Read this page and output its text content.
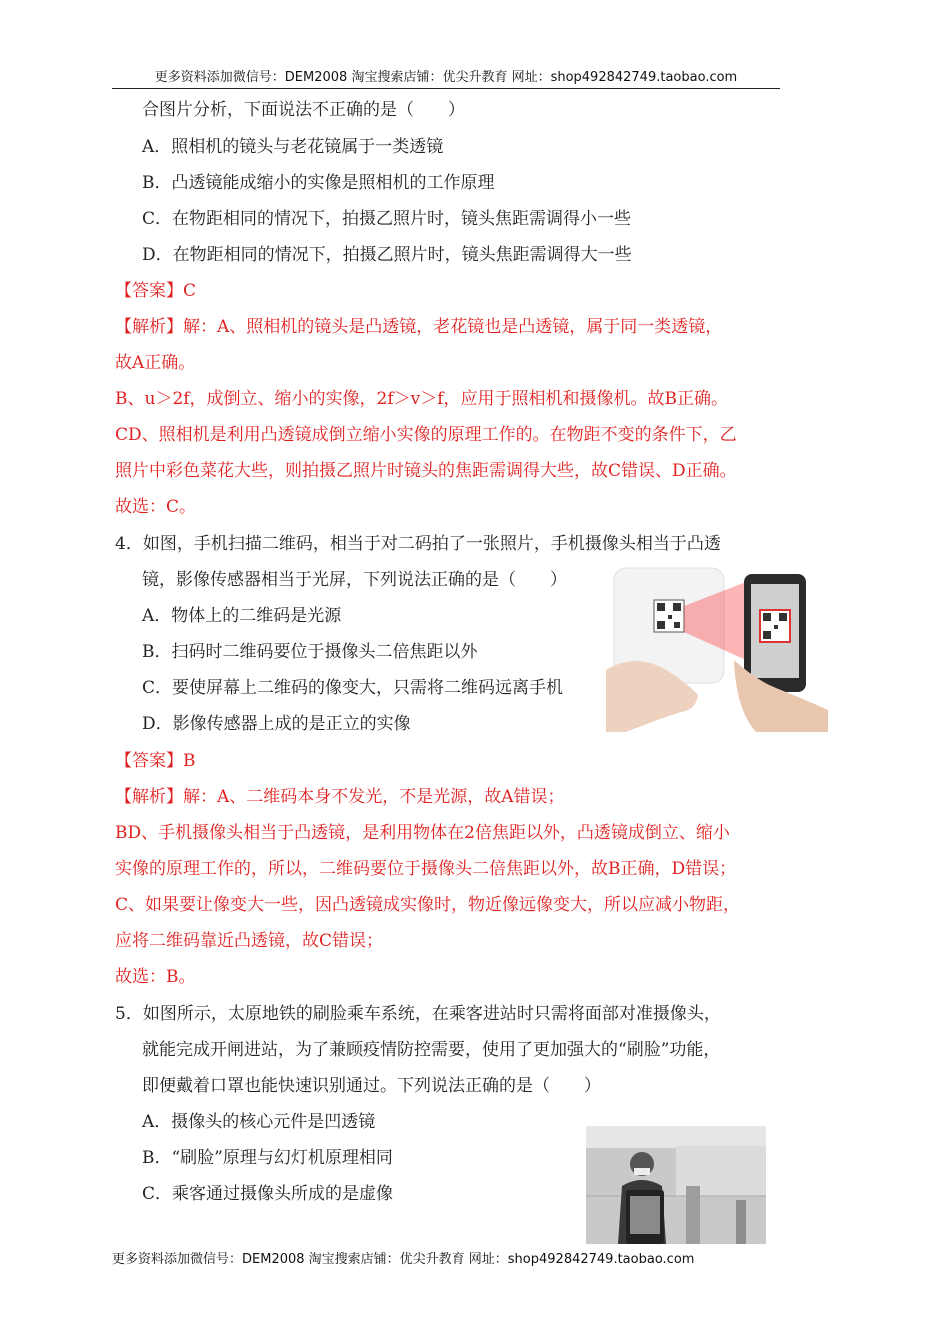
更多资料添加微信号：DEM2008 淘宝搜索店铺：优尖升教育 网址：shop492842749.taobao.com
合图片分析，下面说法不正确的是（　　）
A．照相机的镜头与老花镜属于一类透镜
B．凸透镜能成缩小的实像是照相机的工作原理
C．在物距相同的情况下，拍摄乙照片时，镜头焦距需调得小一些
D．在物距相同的情况下，拍摄乙照片时，镜头焦距需调得大一些
【答案】C
【解析】解：A、照相机的镜头是凸透镜，老花镜也是凸透镜，属于同一类透镜，
故A正确。
B、u＞2f，成倒立、缩小的实像，2f＞v＞f，应用于照相机和摄像机。故B正确。
CD、照相机是利用凸透镜成倒立缩小实像的原理工作的。在物距不变的条件下，乙
照片中彩色菜花大些，则拍摄乙照片时镜头的焦距需调得大些，故C错误、D正确。
故选：C。
4．如图，手机扫描二维码，相当于对二码拍了一张照片，手机摄像头相当于凸透
镜，影像传感器相当于光屏，下列说法正确的是（　　）
A．物体上的二维码是光源
B．扫码时二维码要位于摄像头二倍焦距以外
C．要使屏幕上二维码的像变大，只需将二维码远离手机
D．影像传感器上成的是正立的实像
【答案】B
【解析】解：A、二维码本身不发光，不是光源，故A错误；
BD、手机摄像头相当于凸透镜，是利用物体在2倍焦距以外，凸透镜成倒立、缩小
实像的原理工作的，所以，二维码要位于摄像头二倍焦距以外，故B正确，D错误；
C、如果要让像变大一些，因凸透镜成实像时，物近像远像变大，所以应减小物距，
应将二维码靠近凸透镜，故C错误；
故选：B。
5．如图所示，太原地铁的刷脸乘车系统，在乘客进站时只需将面部对准摄像头，
就能完成开闸进站，为了兼顾疫情防控需要，使用了更加强大的“刷脸”功能，
即便戴着口罩也能快速识别通过。下列说法正确的是（　　）
A．摄像头的核心元件是凹透镜
B．“刷脸”原理与幻灯机原理相同
C．乘客通过摄像头所成的是虚像
更多资料添加微信号：DEM2008 淘宝搜索店铺：优尖升教育 网址：shop492842749.taobao.com
